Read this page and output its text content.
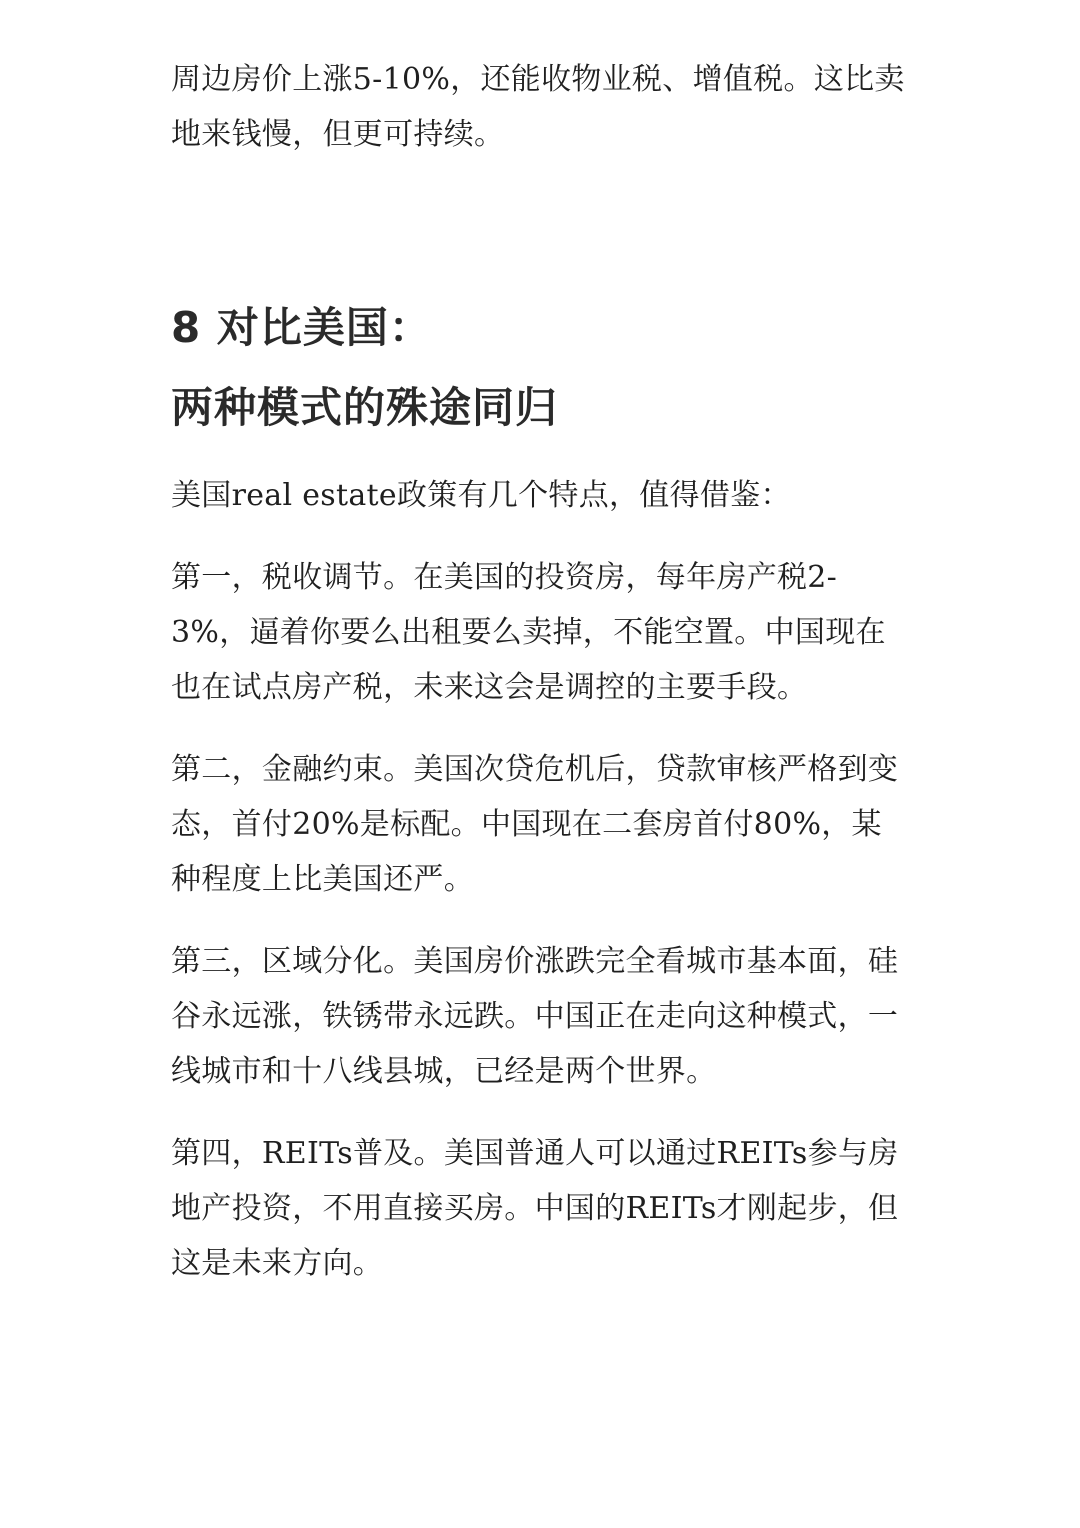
周边房价上涨5-10%，还能收物业税、增值税。这比卖地来钱慢，但更可持续。

8 对比美国：
两种模式的殊途同归

美国real estate政策有几个特点，值得借鉴：

第一，税收调节。在美国的投资房，每年房产税2-3%，逼着你要么出租要么卖掉，不能空置。中国现在也在试点房产税，未来这会是调控的主要手段。

第二，金融约束。美国次贷危机后，贷款审核严格到变态，首付20%是标配。中国现在二套房首付80%，某种程度上比美国还严。

第三，区域分化。美国房价涨跌完全看城市基本面，硅谷永远涨，铁锈带永远跌。中国正在走向这种模式，一线城市和十八线县城，已经是两个世界。

第四，REITs普及。美国普通人可以通过REITs参与房地产投资，不用直接买房。中国的REITs才刚起步，但这是未来方向。
